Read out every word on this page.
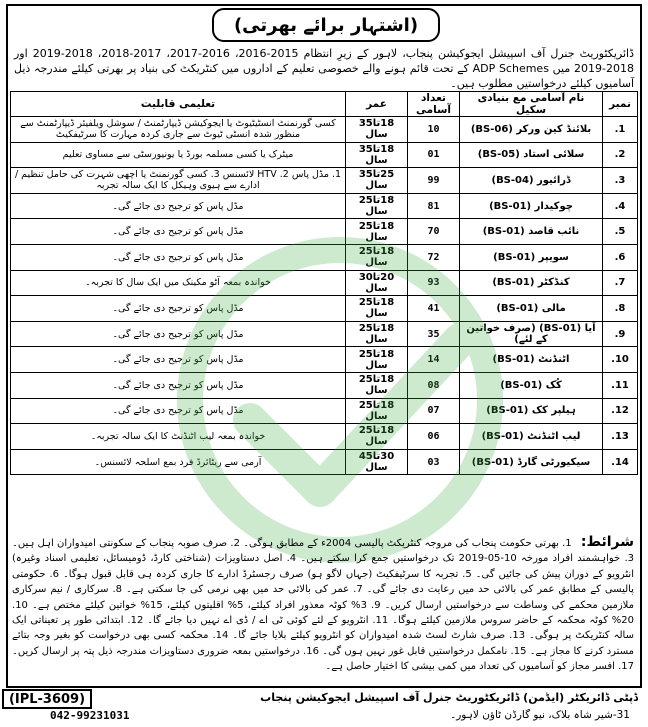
(اشتہار برائے بھرتی)
ڈائریکٹوریٹ جنرل آف اسپیشل ایجوکیشن پنجاب، لاہور کے زیرِ انتظام 2015-2016، 2016-2017، 2017-2018، 2018-2019 اور 2018-2019 میں ADP Schemes کے تحت قائم ہونے والے خصوصی تعلیم کے اداروں میں کنٹریکٹ کی بنیاد پر بھرتی کیلئے مندرجہ ذیل آسامیوں کیلئے درخواستیں مطلوب ہیں۔
نمبر	نام آسامی مع بنیادی سکیل	تعداد آسامی	عمر	تعلیمی قابلیت
1.	بلائنڈ کین ورکر (BS-06)	10	18تا35 سال	کسی گورنمنٹ انسٹیٹیوٹ یا ایجوکیشن ڈیپارٹمنٹ / سوشل ویلفیئر ڈیپارٹمنٹ سے منظور شدہ انسٹی ٹیوٹ سے جاری کردہ مہارت کا سرٹیفکیٹ
2.	سلائی استاد (BS-05)	01	18تا35 سال	میٹرک یا کسی مسلمہ بورڈ یا یونیورسٹی سے مساوی تعلیم
3.	ڈرائیور (BS-04)	99	25تا35 سال	1. مڈل پاس 2. HTV لائسنس 3. کسی گورنمنٹ یا اچھی شہرت کی حامل تنظیم / ادارے سے ہیوی وہیکل کا ایک سالہ تجربہ
4.	چوکیدار (BS-01)	81	18تا25 سال	مڈل پاس کو ترجیح دی جائے گی۔
5.	نائب قاصد (BS-01)	70	18تا25 سال	مڈل پاس کو ترجیح دی جائے گی۔
6.	سویپر (BS-01)	72	18تا25 سال	مڈل پاس کو ترجیح دی جائے گی۔
7.	کنڈکٹر (BS-01)	93	20تا30 سال	خواندہ بمعہ آٹو مکینک میں ایک سال کا تجربہ۔
8.	مالی (BS-01)	41	18تا25 سال	مڈل پاس کو ترجیح دی جائے گی۔
9.	آیا (BS-01) (صرف خواتین کے لئے)	35	18تا25 سال	مڈل پاس کو ترجیح دی جائے گی۔
10.	اٹنڈنٹ (BS-01)	14	18تا25 سال	مڈل پاس کو ترجیح دی جائے گی۔
11.	کُک (BS-01)	08	18تا25 سال	مڈل پاس کو ترجیح دی جائے گی۔
12.	ہیلپر کک (BS-01)	07	18تا25 سال	مڈل پاس کو ترجیح دی جائے گی۔
13.	لیب اٹنڈنٹ (BS-01)	06	18تا25 سال	خواندہ بمعہ لیب اٹنڈنٹ کا ایک سالہ تجربہ۔
14.	سیکیورٹی گارڈ (BS-01)	03	30تا45 سال	آرمی سے ریٹائرڈ فرد بمع اسلحہ لائسنس۔
شرائط: 1. بھرتی حکومت پنجاب کی مروجہ کنٹریکٹ پالیسی 2004ء کے مطابق ہوگی۔ 2. صرف صوبہ پنجاب کے سکونتی امیدواران اہل ہیں۔ 3. خواہشمند افراد مورخہ 10-05-2019 تک درخواستیں جمع کرا سکتے ہیں۔ 4. اصل دستاویزات (شناختی کارڈ، ڈومیسائل، تعلیمی اسناد وغیرہ) انٹرویو کے دوران پیش کی جائیں گی۔ 5. تجربہ کا سرٹیفکیٹ (جہاں لاگو ہو) صرف رجسٹرڈ ادارے کا جاری کردہ ہی قابل قبول ہوگا۔ 6. حکومتی پالیسی کے مطابق عمر کی بالائی حد میں رعایت دی جائے گی۔ 7. عمر کی بالائی حد میں بھی نرمی کی جا سکتی ہے۔ 8. سرکاری / نیم سرکاری ملازمین محکمے کی وساطت سے درخواستیں ارسال کریں۔ 9. 3% کوٹہ معذور افراد کیلئے، 5% اقلیتوں کیلئے، 15% خواتین کیلئے مختص ہے۔ 10. 20% کوٹہ محکمہ کے حاضر سروس ملازمین کیلئے ہوگا۔ 11. انٹرویو کے لئے کوئی ٹی اے / ڈی اے نہیں دیا جائے گا۔ 12. ابتدائی طور پر تعیناتی ایک سالہ کنٹریکٹ پر ہوگی۔ 13. صرف شارٹ لسٹ شدہ امیدواران کو انٹرویو کیلئے بلایا جائے گا۔ 14. محکمہ کسی بھی درخواست کو بغیر وجہ بتائے مسترد کرنے کا مجاز ہے۔ 15. نامکمل درخواستیں قابل غور نہیں ہوں گی۔ 16. درخواستیں بمعہ ضروری دستاویزات مندرجہ ذیل پتہ پر ارسال کریں۔ 17. افسر مجاز کو آسامیوں کی تعداد میں کمی بیشی کا اختیار حاصل ہے۔
ڈپٹی ڈائریکٹر (ایڈمن) ڈائریکٹوریٹ جنرل آف اسپیشل ایجوکیشن پنجاب
(IPL-3609)
042-99231031	31-شیر شاہ بلاک، نیو گارڈن ٹاؤن لاہور۔
